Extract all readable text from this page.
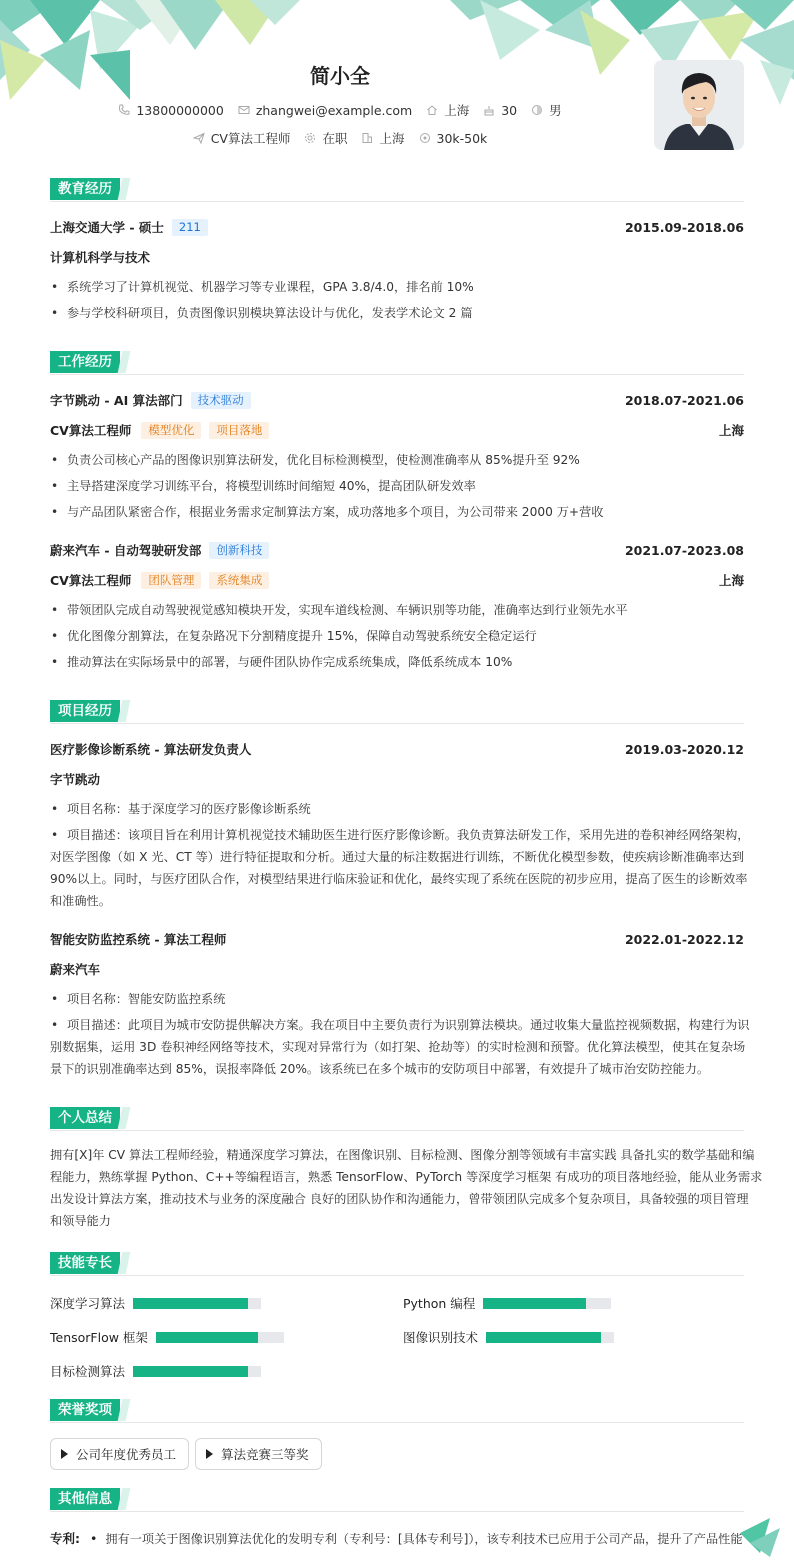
简小全
13800000000	zhangwei@example.com	上海	30	男
CV算法工程师	在职	上海	30k-50k
教育经历
上海交通大学 - 硕士	211	2015.09-2018.06
计算机科学与技术
• 系统学习了计算机视觉、机器学习等专业课程，GPA 3.8/4.0，排名前 10%
• 参与学校科研项目，负责图像识别模块算法设计与优化，发表学术论文 2 篇
工作经历
字节跳动 - AI 算法部门	技术驱动	2018.07-2021.06
CV算法工程师	模型优化	项目落地	上海
• 负责公司核心产品的图像识别算法研发，优化目标检测模型，使检测准确率从 85%提升至 92%
• 主导搭建深度学习训练平台，将模型训练时间缩短 40%，提高团队研发效率
• 与产品团队紧密合作，根据业务需求定制算法方案，成功落地多个项目，为公司带来 2000 万+营收
蔚来汽车 - 自动驾驶研发部	创新科技	2021.07-2023.08
CV算法工程师	团队管理	系统集成	上海
• 带领团队完成自动驾驶视觉感知模块开发，实现车道线检测、车辆识别等功能，准确率达到行业领先水平
• 优化图像分割算法，在复杂路况下分割精度提升 15%，保障自动驾驶系统安全稳定运行
• 推动算法在实际场景中的部署，与硬件团队协作完成系统集成，降低系统成本 10%
项目经历
医疗影像诊断系统 - 算法研发负责人	2019.03-2020.12
字节跳动
• 项目名称：基于深度学习的医疗影像诊断系统
• 项目描述：该项目旨在利用计算机视觉技术辅助医生进行医疗影像诊断。我负责算法研发工作，采用先进的卷积神经网络架构，
对医学图像（如 X 光、CT 等）进行特征提取和分析。通过大量的标注数据进行训练，不断优化模型参数，使疾病诊断准确率达到
90%以上。同时，与医疗团队合作，对模型结果进行临床验证和优化，最终实现了系统在医院的初步应用，提高了医生的诊断效率
和准确性。
智能安防监控系统 - 算法工程师	2022.01-2022.12
蔚来汽车
• 项目名称：智能安防监控系统
• 项目描述：此项目为城市安防提供解决方案。我在项目中主要负责行为识别算法模块。通过收集大量监控视频数据，构建行为识
别数据集，运用 3D 卷积神经网络等技术，实现对异常行为（如打架、抢劫等）的实时检测和预警。优化算法模型，使其在复杂场
景下的识别准确率达到 85%，误报率降低 20%。该系统已在多个城市的安防项目中部署，有效提升了城市治安防控能力。
个人总结
拥有[X]年 CV 算法工程师经验，精通深度学习算法，在图像识别、目标检测、图像分割等领域有丰富实践 具备扎实的数学基础和编
程能力，熟练掌握 Python、C++等编程语言，熟悉 TensorFlow、PyTorch 等深度学习框架 有成功的项目落地经验，能从业务需求
出发设计算法方案，推动技术与业务的深度融合 良好的团队协作和沟通能力，曾带领团队完成多个复杂项目，具备较强的项目管理
和领导能力
技能专长
深度学习算法	Python 编程
TensorFlow 框架	图像识别技术
目标检测算法
荣誉奖项
公司年度优秀员工	算法竞赛三等奖
其他信息
专利: • 拥有一项关于图像识别算法优化的发明专利（专利号：[具体专利号]），该专利技术已应用于公司产品，提升了产品性能
